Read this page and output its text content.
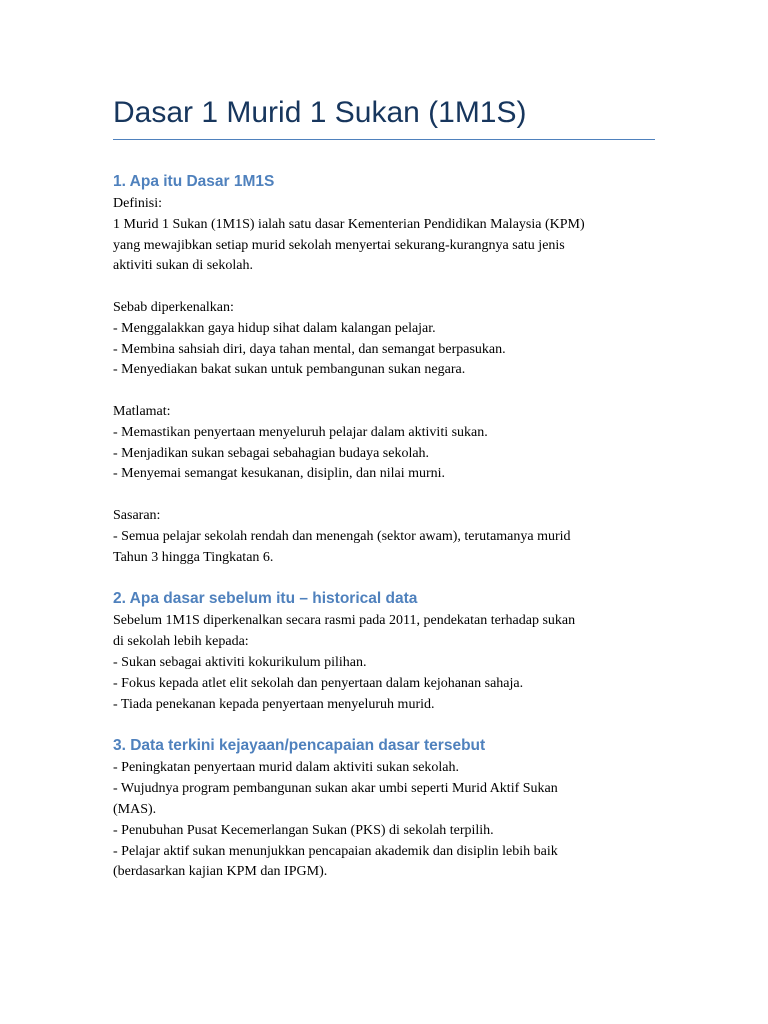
Dasar 1 Murid 1 Sukan (1M1S)
1. Apa itu Dasar 1M1S
Definisi:
1 Murid 1 Sukan (1M1S) ialah satu dasar Kementerian Pendidikan Malaysia (KPM)
yang mewajibkan setiap murid sekolah menyertai sekurang-kurangnya satu jenis
aktiviti sukan di sekolah.
Sebab diperkenalkan:
- Menggalakkan gaya hidup sihat dalam kalangan pelajar.
- Membina sahsiah diri, daya tahan mental, dan semangat berpasukan.
- Menyediakan bakat sukan untuk pembangunan sukan negara.
Matlamat:
- Memastikan penyertaan menyeluruh pelajar dalam aktiviti sukan.
- Menjadikan sukan sebagai sebahagian budaya sekolah.
- Menyemai semangat kesukanan, disiplin, dan nilai murni.
Sasaran:
- Semua pelajar sekolah rendah dan menengah (sektor awam), terutamanya murid
Tahun 3 hingga Tingkatan 6.
2. Apa dasar sebelum itu – historical data
Sebelum 1M1S diperkenalkan secara rasmi pada 2011, pendekatan terhadap sukan
di sekolah lebih kepada:
- Sukan sebagai aktiviti kokurikulum pilihan.
- Fokus kepada atlet elit sekolah dan penyertaan dalam kejohanan sahaja.
- Tiada penekanan kepada penyertaan menyeluruh murid.
3. Data terkini kejayaan/pencapaian dasar tersebut
- Peningkatan penyertaan murid dalam aktiviti sukan sekolah.
- Wujudnya program pembangunan sukan akar umbi seperti Murid Aktif Sukan
(MAS).
- Penubuhan Pusat Kecemerlangan Sukan (PKS) di sekolah terpilih.
- Pelajar aktif sukan menunjukkan pencapaian akademik dan disiplin lebih baik
(berdasarkan kajian KPM dan IPGM).
